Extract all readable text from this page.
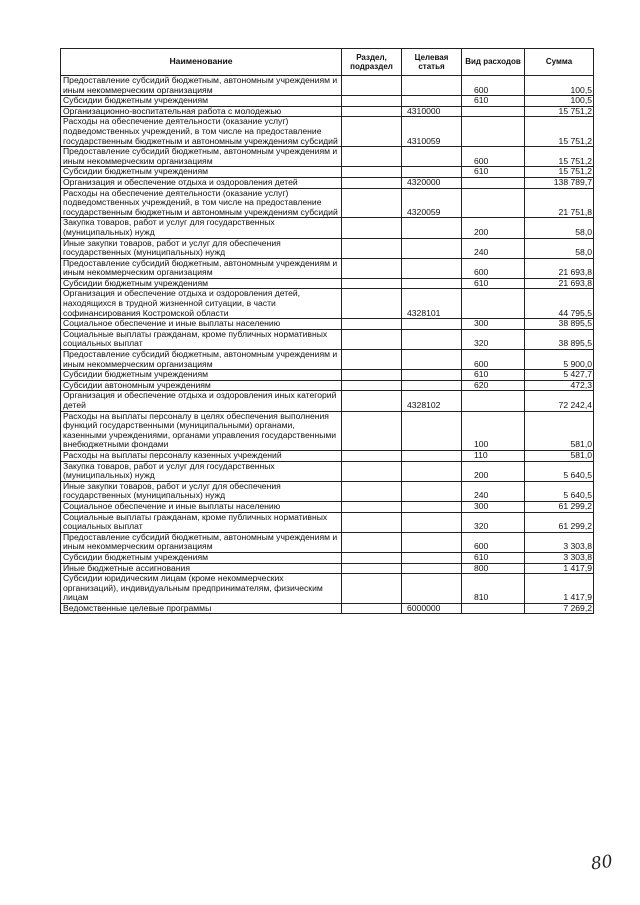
Наименование	Раздел, подраздел	Целевая статья	Вид расходов	Сумма
Предоставление субсидий бюджетным, автономным учреждениям и иным некоммерческим организациям			600	100,5
Субсидии бюджетным учреждениям			610	100,5
Организационно-воспитательная работа с молодежью		4310000		15 751,2
Расходы на обеспечение деятельности (оказание услуг) подведомственных учреждений, в том числе на предоставление государственным бюджетным и автономным учреждениям субсидий		4310059		15 751,2
Предоставление субсидий бюджетным, автономным учреждениям и иным некоммерческим организациям			600	15 751,2
Субсидии бюджетным учреждениям			610	15 751,2
Организация и обеспечение отдыха и оздоровления детей		4320000		138 789,7
Расходы на обеспечение деятельности (оказание услуг) подведомственных учреждений, в том числе на предоставление государственным бюджетным и автономным учреждениям субсидий		4320059		21 751,8
Закупка товаров, работ и услуг для государственных (муниципальных) нужд			200	58,0
Иные закупки товаров, работ и услуг для обеспечения государственных (муниципальных) нужд			240	58,0
Предоставление субсидий бюджетным, автономным учреждениям и иным некоммерческим организациям			600	21 693,8
Субсидии бюджетным учреждениям			610	21 693,8
Организация и обеспечение отдыха и оздоровления детей, находящихся в трудной жизненной ситуации, в части софинансирования Костромской области		4328101		44 795,5
Социальное обеспечение и иные выплаты населению			300	38 895,5
Социальные выплаты гражданам, кроме публичных нормативных социальных выплат			320	38 895,5
Предоставление субсидий бюджетным, автономным учреждениям и иным некоммерческим организациям			600	5 900,0
Субсидии бюджетным учреждениям			610	5 427,7
Субсидии автономным учреждениям			620	472,3
Организация и обеспечение отдыха и оздоровления иных категорий детей		4328102		72 242,4
Расходы на выплаты персоналу в целях обеспечения выполнения функций государственными (муниципальными) органами, казенными учреждениями, органами управления государственными внебюджетными фондами			100	581,0
Расходы на выплаты персоналу казенных учреждений			110	581,0
Закупка товаров, работ и услуг для государственных (муниципальных) нужд			200	5 640,5
Иные закупки товаров, работ и услуг для обеспечения государственных (муниципальных) нужд			240	5 640,5
Социальное обеспечение и иные выплаты населению			300	61 299,2
Социальные выплаты гражданам, кроме публичных нормативных социальных выплат			320	61 299,2
Предоставление субсидий бюджетным, автономным учреждениям и иным некоммерческим организациям			600	3 303,8
Субсидии бюджетным учреждениям			610	3 303,8
Иные бюджетные ассигнования			800	1 417,9
Субсидии юридическим лицам (кроме некоммерческих организаций), индивидуальным предпринимателям, физическим лицам			810	1 417,9
Ведомственные целевые программы		6000000		7 269,2
80
